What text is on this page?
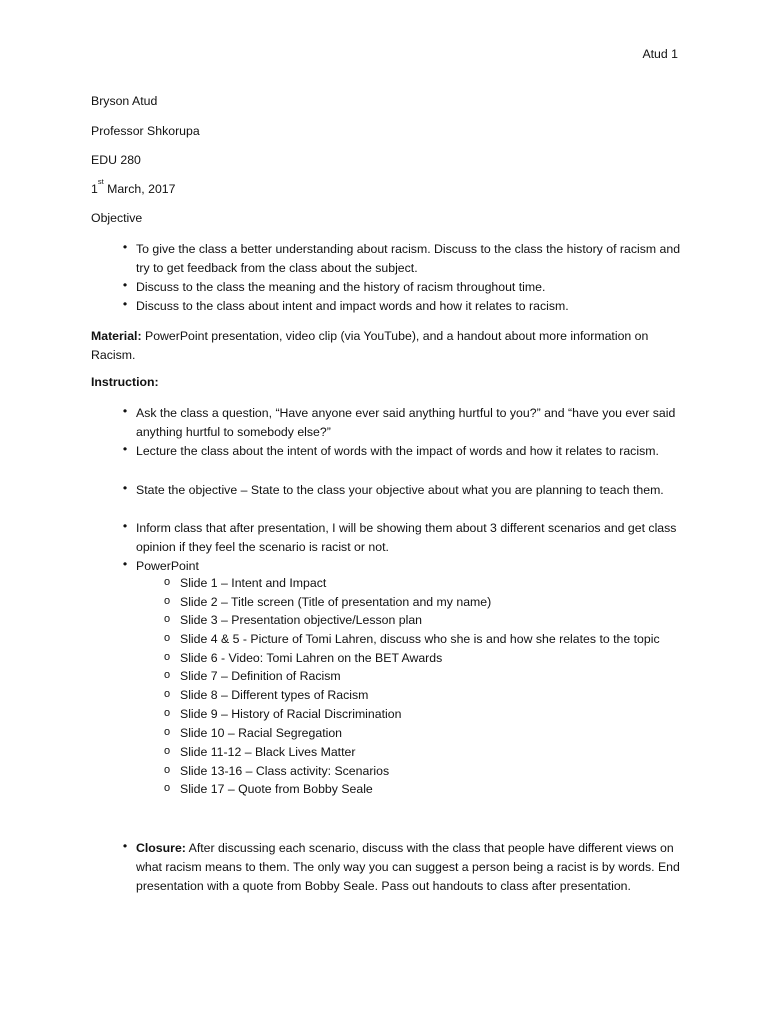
Atud 1
Bryson Atud
Professor Shkorupa
EDU 280
1st March, 2017
Objective
• To give the class a better understanding about racism. Discuss to the class the history of racism and try to get feedback from the class about the subject.
• Discuss to the class the meaning and the history of racism throughout time.
• Discuss to the class about intent and impact words and how it relates to racism.
Material: PowerPoint presentation, video clip (via YouTube), and a handout about more information on Racism.
Instruction:
• Ask the class a question, “Have anyone ever said anything hurtful to you?” and “have you ever said anything hurtful to somebody else?”
• Lecture the class about the intent of words with the impact of words and how it relates to racism.
• State the objective – State to the class your objective about what you are planning to teach them.
• Inform class that after presentation, I will be showing them about 3 different scenarios and get class opinion if they feel the scenario is racist or not.
• PowerPoint
o Slide 1 – Intent and Impact
o Slide 2 – Title screen (Title of presentation and my name)
o Slide 3 – Presentation objective/Lesson plan
o Slide 4 & 5 - Picture of Tomi Lahren, discuss who she is and how she relates to the topic
o Slide 6 - Video: Tomi Lahren on the BET Awards
o Slide 7 – Definition of Racism
o Slide 8 – Different types of Racism
o Slide 9 – History of Racial Discrimination
o Slide 10 – Racial Segregation
o Slide 11-12 – Black Lives Matter
o Slide 13-16 – Class activity: Scenarios
o Slide 17 – Quote from Bobby Seale
• Closure: After discussing each scenario, discuss with the class that people have different views on what racism means to them. The only way you can suggest a person being a racist is by words. End presentation with a quote from Bobby Seale. Pass out handouts to class after presentation.
